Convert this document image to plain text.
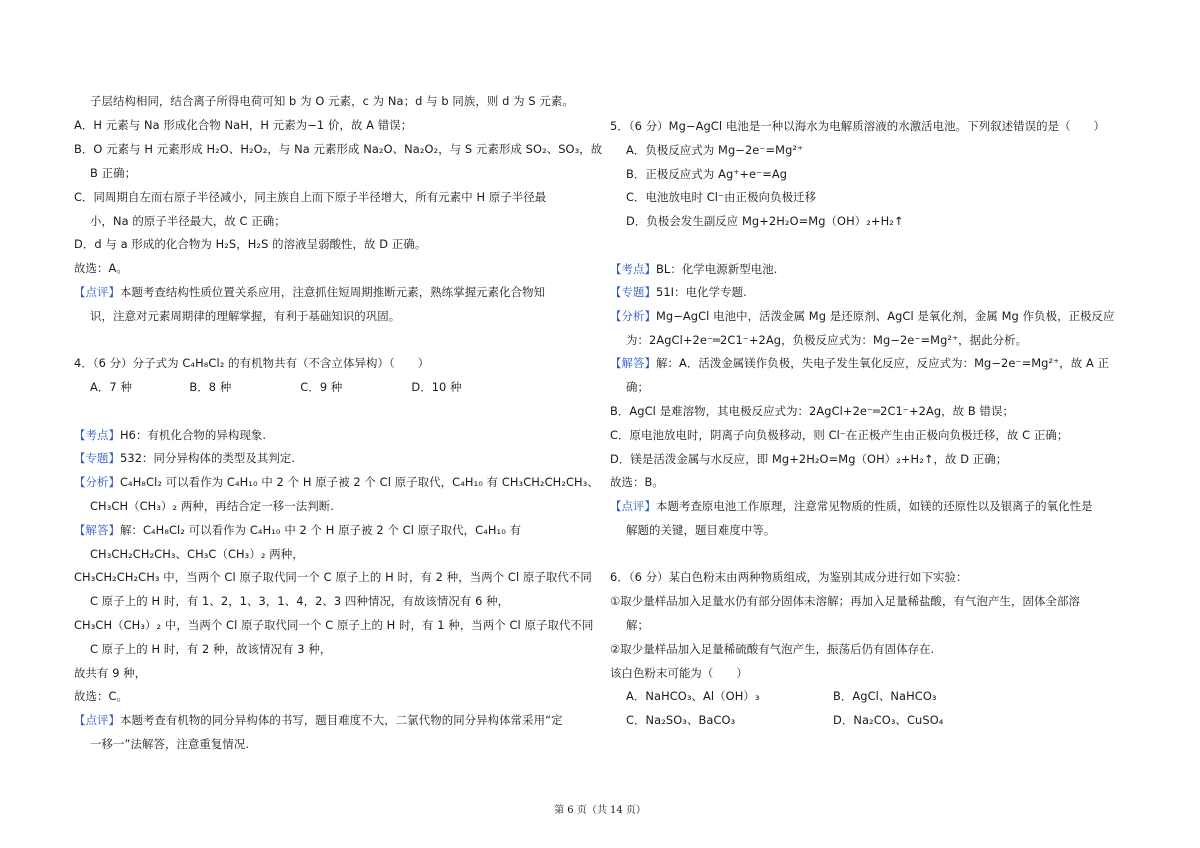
子层结构相同，结合离子所得电荷可知 b 为 O 元素，c 为 Na；d 与 b 同族，则 d 为 S 元素。
A．H 元素与 Na 形成化合物 NaH，H 元素为−1 价，故 A 错误；
B．O 元素与 H 元素形成 H₂O、H₂O₂，与 Na 元素形成 Na₂O、Na₂O₂，与 S 元素形成 SO₂、SO₃，故
B 正确；
C．同周期自左而右原子半径减小，同主族自上而下原子半径增大，所有元素中 H 原子半径最
小，Na 的原子半径最大，故 C 正确；
D．d 与 a 形成的化合物为 H₂S，H₂S 的溶液呈弱酸性，故 D 正确。
故选：A。
【点评】本题考查结构性质位置关系应用，注意抓住短周期推断元素，熟练掌握元素化合物知
识，注意对元素周期律的理解掌握，有利于基础知识的巩固。
4．（6 分）分子式为 C₄H₈Cl₂ 的有机物共有（不含立体异构）（　　）
A．7 种　　　　　B．8 种　　　　　　C．9 种　　　　　　D．10 种
【考点】H6：有机化合物的异构现象.
【专题】532：同分异构体的类型及其判定.
【分析】C₄H₈Cl₂ 可以看作为 C₄H₁₀ 中 2 个 H 原子被 2 个 Cl 原子取代，C₄H₁₀ 有 CH₃CH₂CH₂CH₃、
CH₃CH（CH₃）₂ 两种，再结合定一移一法判断.
【解答】解：C₄H₈Cl₂ 可以看作为 C₄H₁₀ 中 2 个 H 原子被 2 个 Cl 原子取代，C₄H₁₀ 有
CH₃CH₂CH₂CH₃、CH₃C（CH₃）₂ 两种，
CH₃CH₂CH₂CH₃ 中，当两个 Cl 原子取代同一个 C 原子上的 H 时，有 2 种，当两个 Cl 原子取代不同
C 原子上的 H 时，有 1、2，1、3，1、4，2、3 四种情况，有故该情况有 6 种，
CH₃CH（CH₃）₂ 中，当两个 Cl 原子取代同一个 C 原子上的 H 时，有 1 种，当两个 Cl 原子取代不同
C 原子上的 H 时，有 2 种，故该情况有 3 种，
故共有 9 种，
故选：C。
【点评】本题考查有机物的同分异构体的书写，题目难度不大，二氯代物的同分异构体常采用“定
一移一”法解答，注意重复情况.
5．（6 分）Mg−AgCl 电池是一种以海水为电解质溶液的水激活电池。下列叙述错误的是（　　）
A．负极反应式为 Mg−2e⁻=Mg²⁺
B．正极反应式为 Ag⁺+e⁻=Ag
C．电池放电时 Cl⁻由正极向负极迁移
D．负极会发生副反应 Mg+2H₂O=Mg（OH）₂+H₂↑
【考点】BL：化学电源新型电池.
【专题】51I：电化学专题.
【分析】Mg−AgCl 电池中，活泼金属 Mg 是还原剂、AgCl 是氧化剂，金属 Mg 作负极，正极反应
为：2AgCl+2e⁻═2C1⁻+2Ag，负极反应式为：Mg−2e⁻=Mg²⁺，据此分析。
【解答】解：A．活泼金属镁作负极，失电子发生氧化反应，反应式为：Mg−2e⁻=Mg²⁺，故 A 正
确；
B．AgCl 是难溶物，其电极反应式为：2AgCl+2e⁻═2C1⁻+2Ag，故 B 错误；
C．原电池放电时，阴离子向负极移动，则 Cl⁻在正极产生由正极向负极迁移，故 C 正确；
D．镁是活泼金属与水反应，即 Mg+2H₂O=Mg（OH）₂+H₂↑，故 D 正确；
故选：B。
【点评】本题考查原电池工作原理，注意常见物质的性质，如镁的还原性以及银离子的氧化性是
解题的关键，题目难度中等。
6．（6 分）某白色粉末由两种物质组成，为鉴别其成分进行如下实验：
①取少量样品加入足量水仍有部分固体未溶解；再加入足量稀盐酸，有气泡产生，固体全部溶
解；
②取少量样品加入足量稀硫酸有气泡产生，振荡后仍有固体存在.
该白色粉末可能为（　　）
A．NaHCO₃、Al（OH）₃	B．AgCl、NaHCO₃
C．Na₂SO₃、BaCO₃	D．Na₂CO₃、CuSO₄
第 6 页（共 14 页）
